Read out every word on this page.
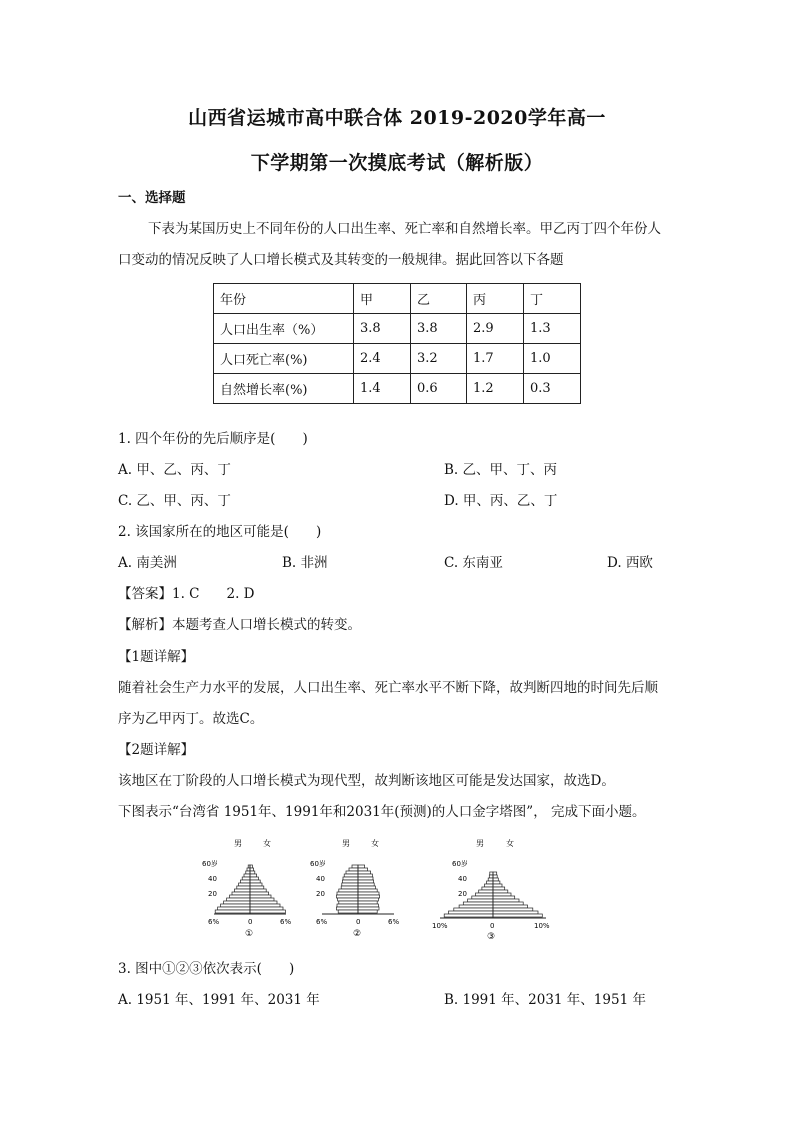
山西省运城市高中联合体 2019-2020学年高一
下学期第一次摸底考试（解析版）
一、选择题
下表为某国历史上不同年份的人口出生率、死亡率和自然增长率。甲乙丙丁四个年份人
口变动的情况反映了人口增长模式及其转变的一般规律。据此回答以下各题
年份	甲	乙	丙	丁
人口出生率（%）	3.8	3.8	2.9	1.3
人口死亡率(%)	2.4	3.2	1.7	1.0
自然增长率(%)	1.4	0.6	1.2	0.3
1. 四个年份的先后顺序是(　　)
A. 甲、乙、丙、丁	B. 乙、甲、丁、丙
C. 乙、甲、丙、丁	D. 甲、丙、乙、丁
2. 该国家所在的地区可能是(　　)
A. 南美洲	B. 非洲	C. 东南亚	D. 西欧
【答案】1. C　　2. D
【解析】本题考查人口增长模式的转变。
【1题详解】
随着社会生产力水平的发展，人口出生率、死亡率水平不断下降，故判断四地的时间先后顺
序为乙甲丙丁。故选C。
【2题详解】
该地区在丁阶段的人口增长模式为现代型，故判断该地区可能是发达国家，故选D。
下图表示“台湾省 1951年、1991年和2031年(预测)的人口金字塔图”， 完成下面小题。
男	女
60岁
40
20
6%	0	6%
①
男	女
60岁
40
20
6%	0	6%
②
男	女
60岁
40
20
10%	0	10%
③
3. 图中①②③依次表示(　　)
A. 1951 年、1991 年、2031 年	B. 1991 年、2031 年、1951 年
